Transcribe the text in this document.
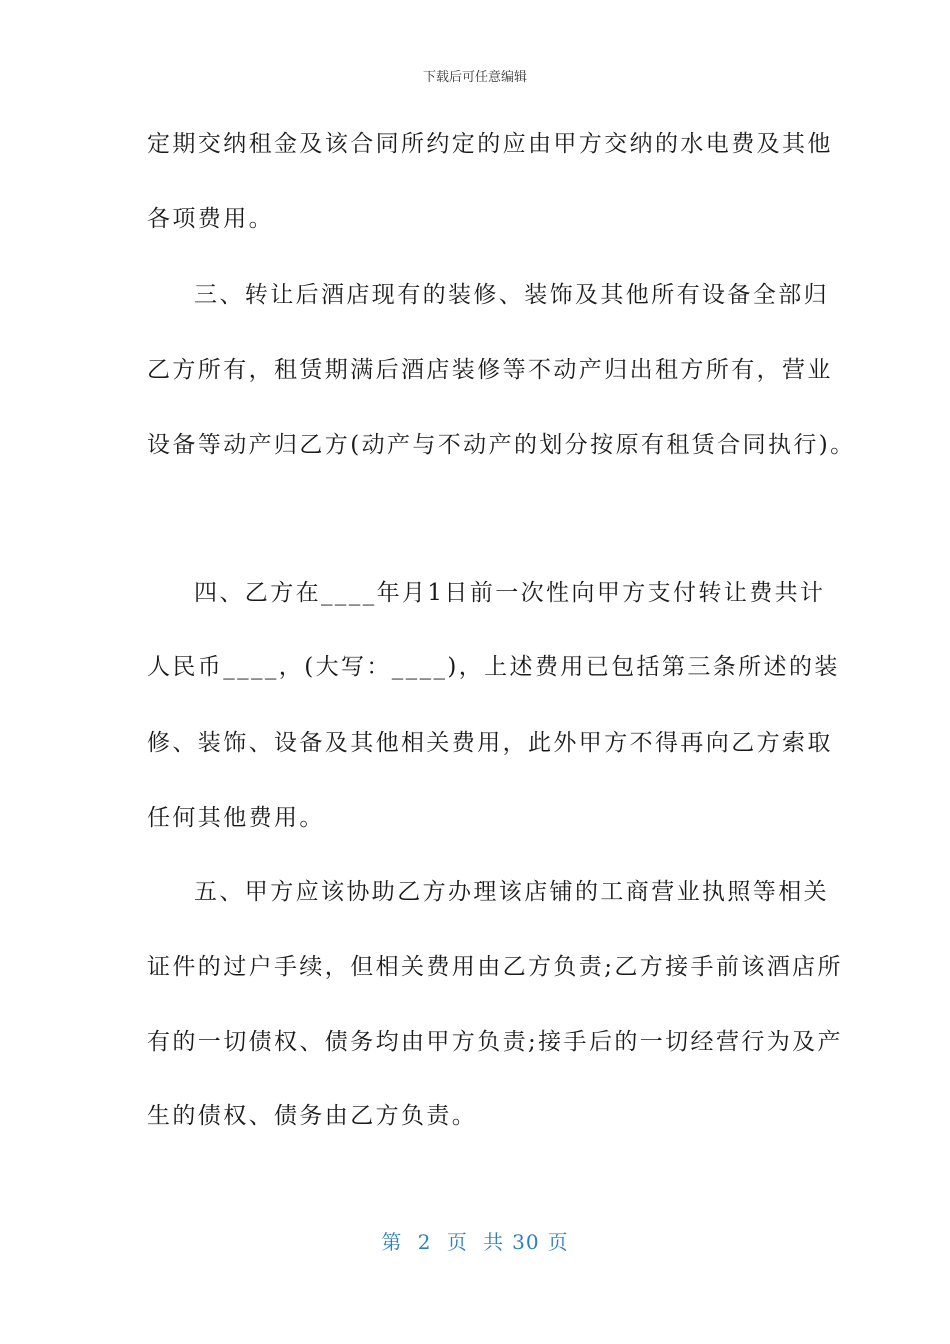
下载后可任意编辑
定期交纳租金及该合同所约定的应由甲方交纳的水电费及其他
各项费用。
三、转让后酒店现有的装修、装饰及其他所有设备全部归
乙方所有，租赁期满后酒店装修等不动产归出租方所有，营业
设备等动产归乙方(动产与不动产的划分按原有租赁合同执行)。
四、乙方在____年月1日前一次性向甲方支付转让费共计
人民币____，(大写：____)，上述费用已包括第三条所述的装
修、装饰、设备及其他相关费用，此外甲方不得再向乙方索取
任何其他费用。
五、甲方应该协助乙方办理该店铺的工商营业执照等相关
证件的过户手续，但相关费用由乙方负责;乙方接手前该酒店所
有的一切债权、债务均由甲方负责;接手后的一切经营行为及产
生的债权、债务由乙方负责。
第 2 页 共 30 页
